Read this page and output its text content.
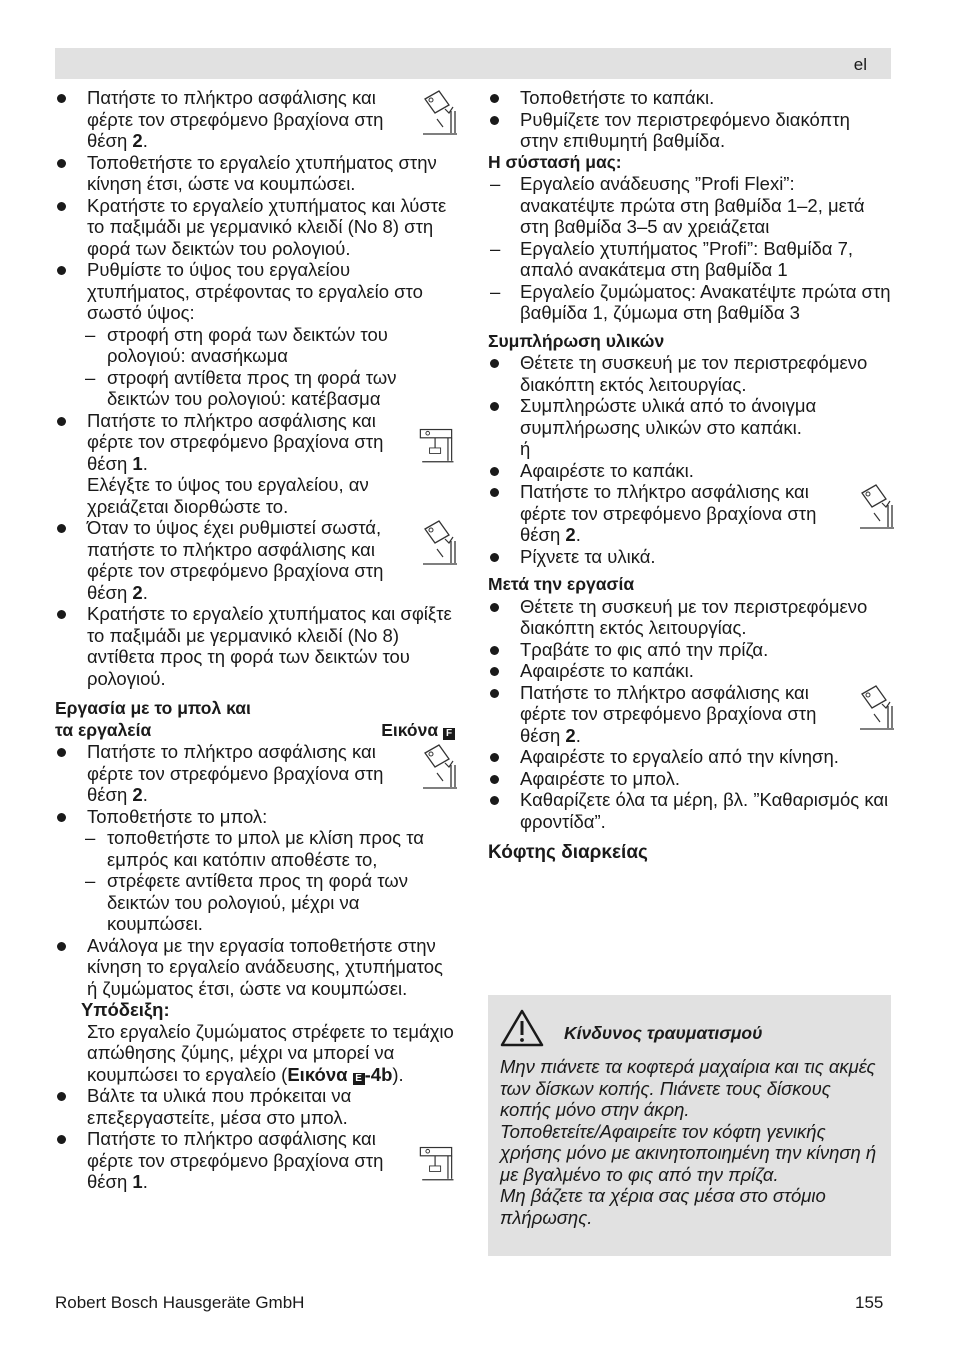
el

Πατήστε το πλήκτρο ασφάλισης και φέρτε τον στρεφόμενο βραχίονα στη θέση 2.

Τοποθετήστε το εργαλείο χτυπήματος στην κίνηση έτσι, ώστε να κουμπώσει.

Κρατήστε το εργαλείο χτυπήματος και λύστε το παξιμάδι με γερμανικό κλειδί (Νο 8) στη φορά των δεικτών του ρολογιού.

Ρυθμίστε το ύψος του εργαλείου χτυπήματος, στρέφοντας το εργαλείο στο σωστό ύψος:

– στροφή στη φορά των δεικτών του ρολογιού: ανασήκωμα

– στροφή αντίθετα προς τη φορά των δεικτών του ρολογιού: κατέβασμα

Πατήστε το πλήκτρο ασφάλισης και φέρτε τον στρεφόμενο βραχίονα στη θέση 1.

Ελέγξτε το ύψος του εργαλείου, αν χρειάζεται διορθώστε το.

Όταν το ύψος έχει ρυθμιστεί σωστά, πατήστε το πλήκτρο ασφάλισης και φέρτε τον στρεφόμενο βραχίονα στη θέση 2.

Κρατήστε το εργαλείο χτυπήματος και σφίξτε το παξιμάδι με γερμανικό κλειδί (Νο 8) αντίθετα προς τη φορά των δεικτών του ρολογιού.

Εργασία με το μπολ και

τα εργαλεία	Εικόνα F

Πατήστε το πλήκτρο ασφάλισης και φέρτε τον στρεφόμενο βραχίονα στη θέση 2.

Τοποθετήστε το μπολ:

– τοποθετήστε το μπολ με κλίση προς τα εμπρός και κατόπιν αποθέστε το,

– στρέφετε αντίθετα προς τη φορά των δεικτών του ρολογιού, μέχρι να κουμπώσει.

Ανάλογα με την εργασία τοποθετήστε στην κίνηση το εργαλείο ανάδευσης, χτυπήματος ή ζυμώματος έτσι, ώστε να κουμπώσει.

Υπόδειξη:

Στο εργαλείο ζυμώματος στρέφετε το τεμάχιο απώθησης ζύμης, μέχρι να μπορεί να κουμπώσει το εργαλείο (Εικόνα E -4b).

Βάλτε τα υλικά που πρόκειται να επεξεργαστείτε, μέσα στο μπολ.

Πατήστε το πλήκτρο ασφάλισης και φέρτε τον στρεφόμενο βραχίονα στη θέση 1.

Τοποθετήστε το καπάκι.

Ρυθμίζετε τον περιστρεφόμενο διακόπτη στην επιθυμητή βαθμίδα.

Η σύστασή μας:

– Εργαλείο ανάδευσης ”Profi Flexi”: ανακατέψτε πρώτα στη βαθμίδα 1–2, μετά στη βαθμίδα 3–5 αν χρειάζεται

– Εργαλείο χτυπήματος ”Profi”: Βαθμίδα 7, απαλό ανακάτεμα στη βαθμίδα 1

– Εργαλείο ζυμώματος: Ανακατέψτε πρώτα στη βαθμίδα 1, ζύμωμα στη βαθμίδα 3

Συμπλήρωση υλικών

Θέτετε τη συσκευή με τον περιστρεφόμενο διακόπτη εκτός λειτουργίας.

Συμπληρώστε υλικά από το άνοιγμα συμπλήρωσης υλικών στο καπάκι.

ή

Αφαιρέστε το καπάκι.

Πατήστε το πλήκτρο ασφάλισης και φέρτε τον στρεφόμενο βραχίονα στη θέση 2.

Ρίχνετε τα υλικά.

Μετά την εργασία

Θέτετε τη συσκευή με τον περιστρεφόμενο διακόπτη εκτός λειτουργίας.

Τραβάτε το φις από την πρίζα.

Αφαιρέστε το καπάκι.

Πατήστε το πλήκτρο ασφάλισης και φέρτε τον στρεφόμενο βραχίονα στη θέση 2.

Αφαιρέστε το εργαλείο από την κίνηση.

Αφαιρέστε το μπολ.

Καθαρίζετε όλα τα μέρη, βλ. ”Καθαρισμός και φροντίδα”.

Κόφτης διαρκείας

Κίνδυνος τραυματισμού

Μην πιάνετε τα κοφτερά μαχαίρια και τις ακμές των δίσκων κοπής. Πιάνετε τους δίσκους κοπής μόνο στην άκρη.

Τοποθετείτε/Αφαιρείτε τον κόφτη γενικής χρήσης μόνο με ακινητοποιημένη την κίνηση ή με βγαλμένο το φις από την πρίζα.

Μη βάζετε τα χέρια σας μέσα στο στόμιο πλήρωσης.

Robert Bosch Hausgeräte GmbH	155
